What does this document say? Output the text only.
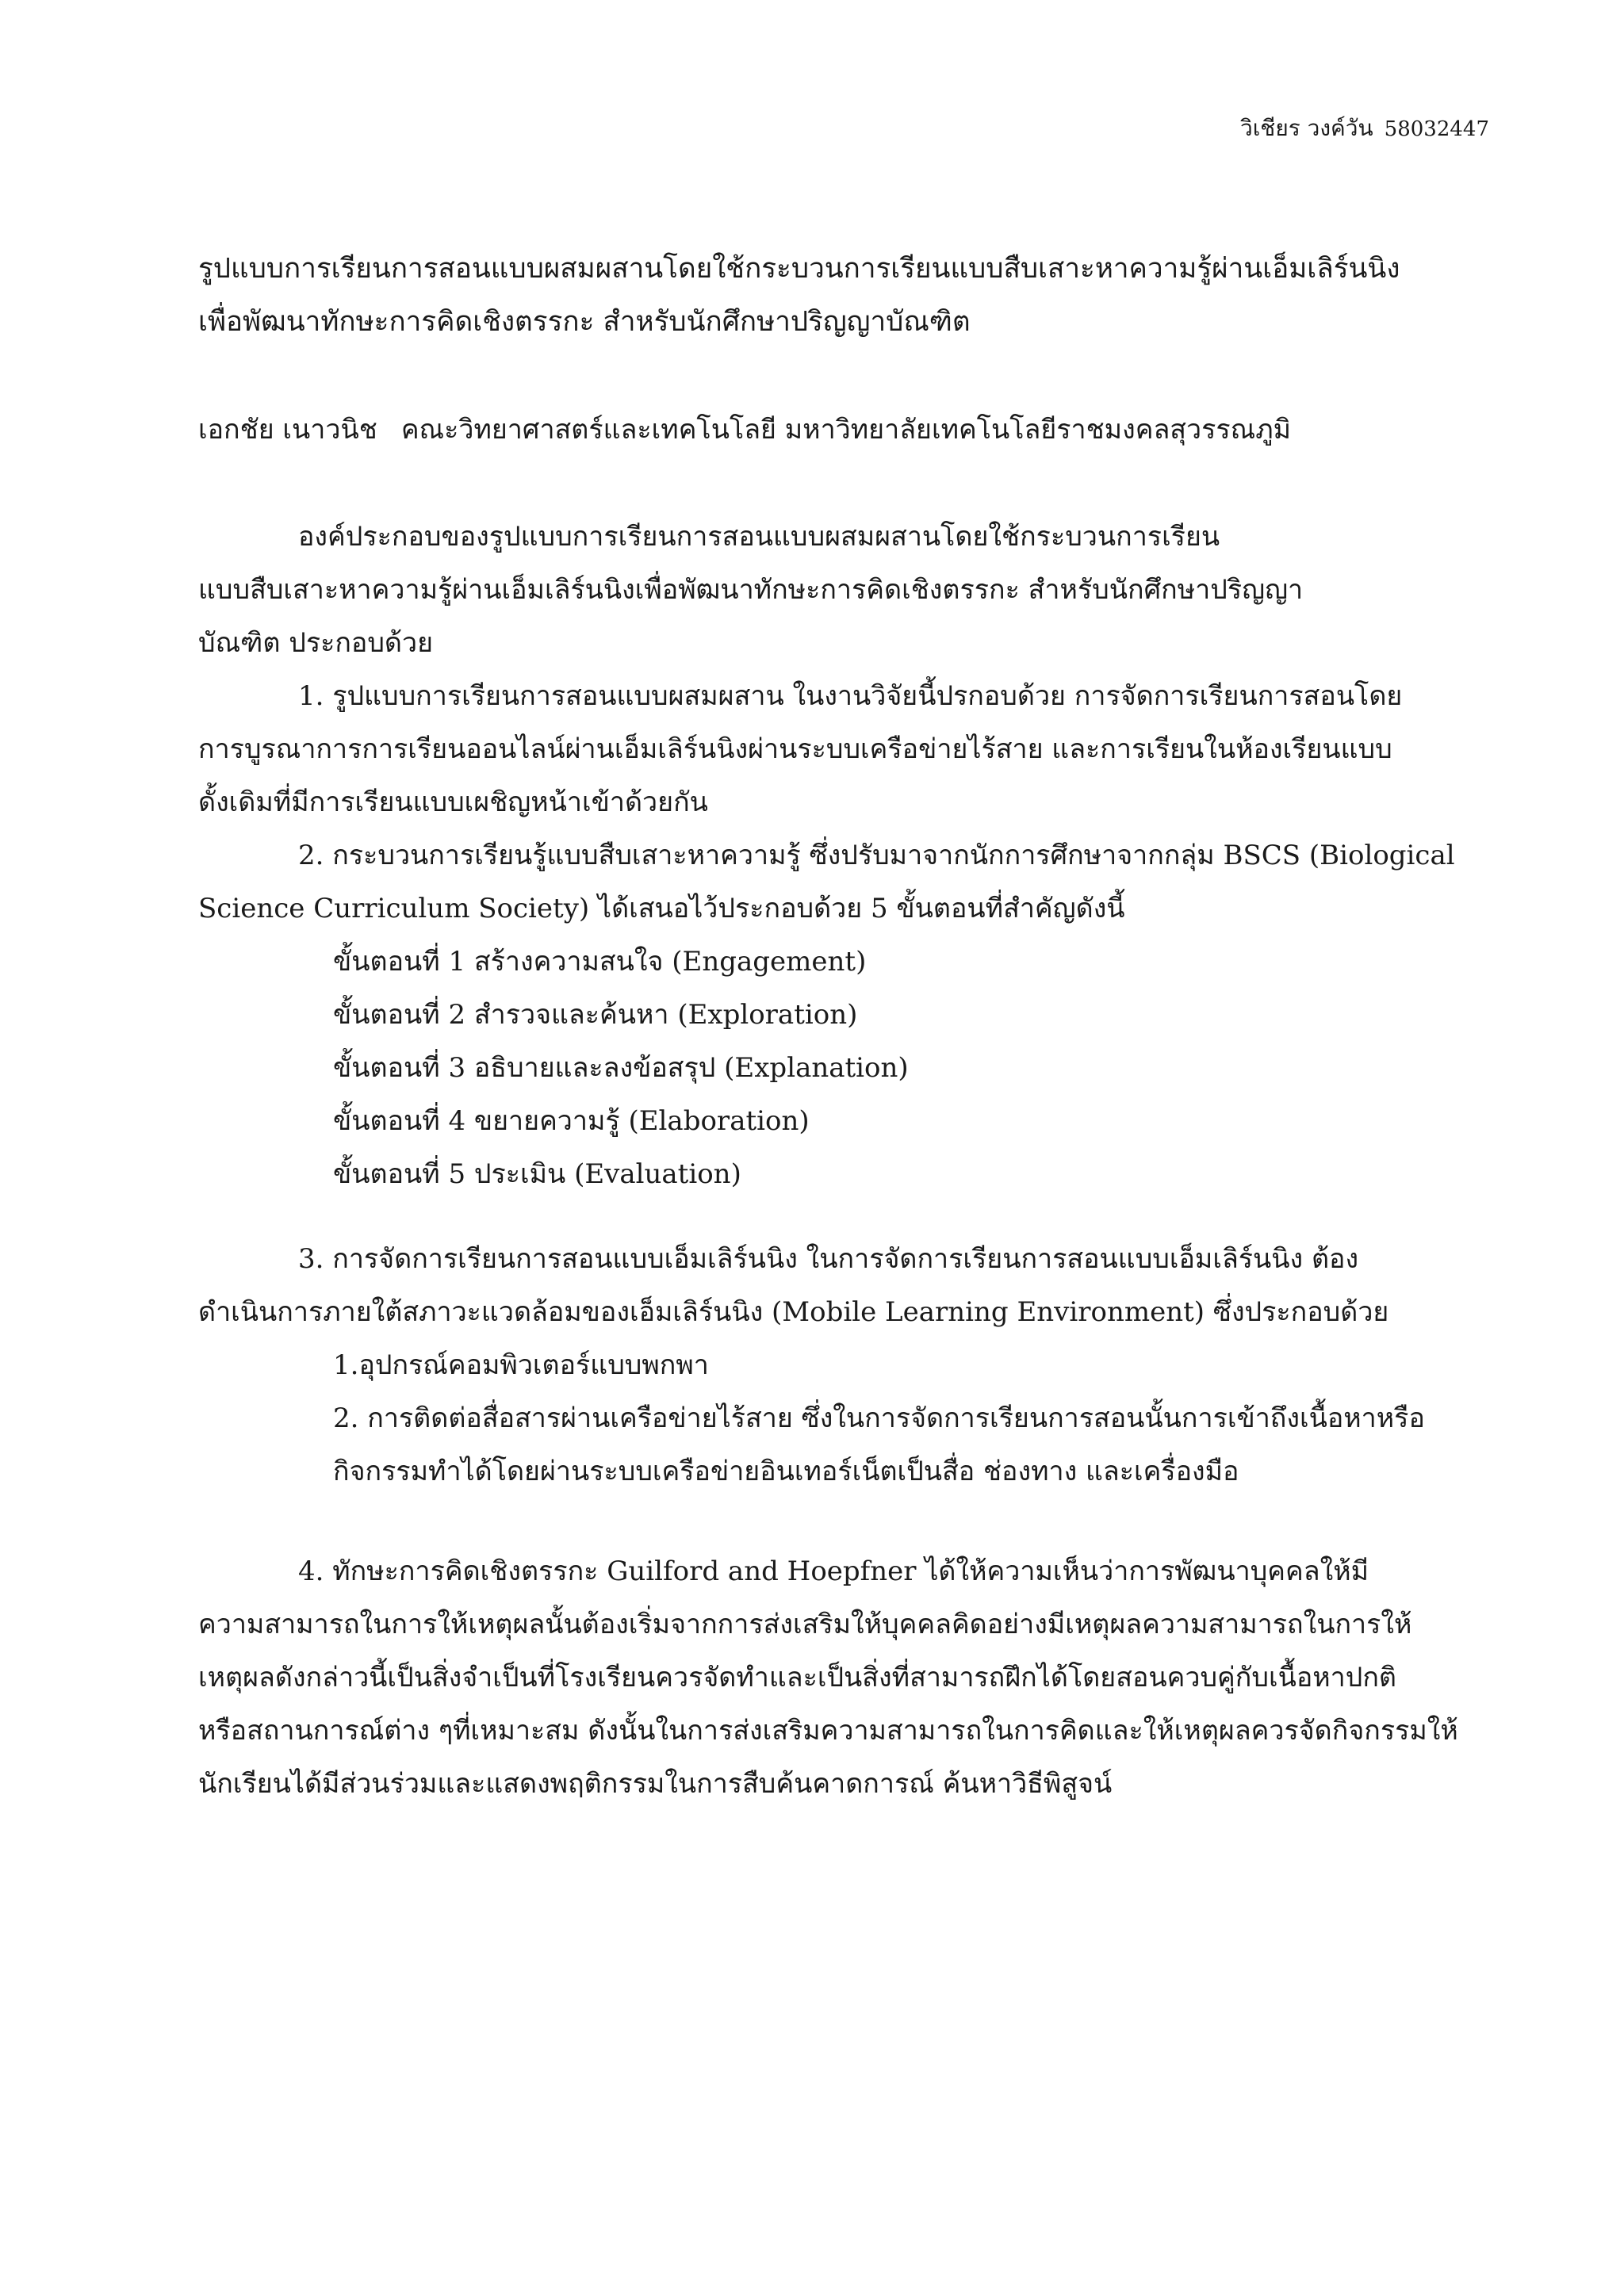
วิเชียร วงค์วัน 58032447
รูปแบบการเรียนการสอนแบบผสมผสานโดยใช้กระบวนการเรียนแบบสืบเสาะหาความรู้ผ่านเอ็มเลิร์นนิง
เพื่อพัฒนาทักษะการคิดเชิงตรรกะ สำหรับนักศึกษาปริญญาบัณฑิต
เอกชัย เนาวนิช คณะวิทยาศาสตร์และเทคโนโลยี มหาวิทยาลัยเทคโนโลยีราชมงคลสุวรรณภูมิ
องค์ประกอบของรูปแบบการเรียนการสอนแบบผสมผสานโดยใช้กระบวนการเรียน
แบบสืบเสาะหาความรู้ผ่านเอ็มเลิร์นนิงเพื่อพัฒนาทักษะการคิดเชิงตรรกะ สำหรับนักศึกษาปริญญา
บัณฑิต ประกอบด้วย
1. รูปแบบการเรียนการสอนแบบผสมผสาน ในงานวิจัยนี้ปรกอบด้วย การจัดการเรียนการสอนโดย
การบูรณาการการเรียนออนไลน์ผ่านเอ็มเลิร์นนิงผ่านระบบเครือข่ายไร้สาย และการเรียนในห้องเรียนแบบ
ดั้งเดิมที่มีการเรียนแบบเผชิญหน้าเข้าด้วยกัน
2. กระบวนการเรียนรู้แบบสืบเสาะหาความรู้ ซึ่งปรับมาจากนักการศึกษาจากกลุ่ม BSCS (Biological
Science Curriculum Society) ได้เสนอไว้ประกอบด้วย 5 ขั้นตอนที่สำคัญดังนี้
ขั้นตอนที่ 1 สร้างความสนใจ (Engagement)
ขั้นตอนที่ 2 สำรวจและค้นหา (Exploration)
ขั้นตอนที่ 3 อธิบายและลงข้อสรุป (Explanation)
ขั้นตอนที่ 4 ขยายความรู้ (Elaboration)
ขั้นตอนที่ 5 ประเมิน (Evaluation)
3. การจัดการเรียนการสอนแบบเอ็มเลิร์นนิง ในการจัดการเรียนการสอนแบบเอ็มเลิร์นนิง ต้อง
ดำเนินการภายใต้สภาวะแวดล้อมของเอ็มเลิร์นนิง (Mobile Learning Environment) ซึ่งประกอบด้วย
1.อุปกรณ์คอมพิวเตอร์แบบพกพา
2. การติดต่อสื่อสารผ่านเครือข่ายไร้สาย ซึ่งในการจัดการเรียนการสอนนั้นการเข้าถึงเนื้อหาหรือ
กิจกรรมทำได้โดยผ่านระบบเครือข่ายอินเทอร์เน็ตเป็นสื่อ ช่องทาง และเครื่องมือ
4. ทักษะการคิดเชิงตรรกะ Guilford and Hoepfner ได้ให้ความเห็นว่าการพัฒนาบุคคลให้มี
ความสามารถในการให้เหตุผลนั้นต้องเริ่มจากการส่งเสริมให้บุคคลคิดอย่างมีเหตุผลความสามารถในการให้
เหตุผลดังกล่าวนี้เป็นสิ่งจำเป็นที่โรงเรียนควรจัดทำและเป็นสิ่งที่สามารถฝึกได้โดยสอนควบคู่กับเนื้อหาปกติ
หรือสถานการณ์ต่าง ๆที่เหมาะสม ดังนั้นในการส่งเสริมความสามารถในการคิดและให้เหตุผลควรจัดกิจกรรมให้
นักเรียนได้มีส่วนร่วมและแสดงพฤติกรรมในการสืบค้นคาดการณ์ ค้นหาวิธีพิสูจน์
